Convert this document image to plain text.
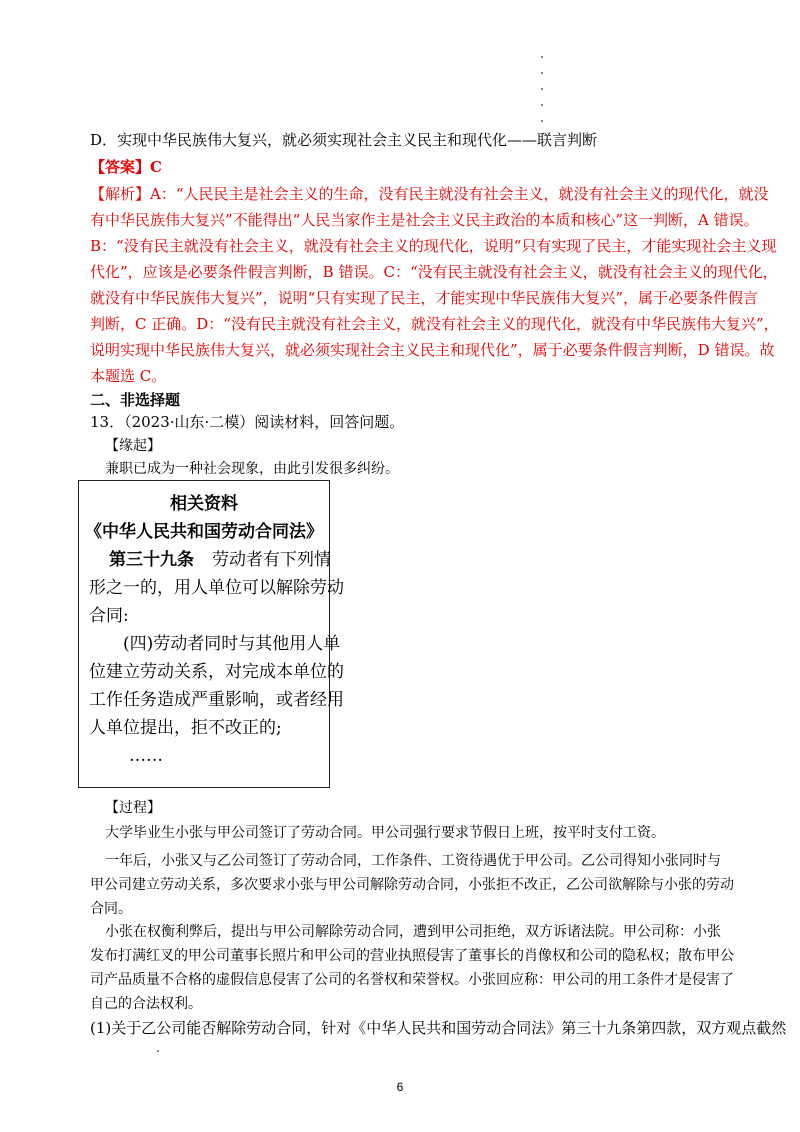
D．实现中华民族伟大复兴，就必须实现社会主义民主和现代化——联言判断
【答案】C
【解析】A：“人民民主是社会主义的生命，没有民主就没有社会主义，就没有社会主义的现代化，就没
有中华民族伟大复兴”不能得出“人民当家作主是社会主义民主政治的本质和核心”这一判断，A 错误。
B：“没有民主就没有社会主义，就没有社会主义的现代化，说明“只有实现了民主，才能实现社会主义现
代化”，应该是必要条件假言判断，B 错误。C：“没有民主就没有社会主义，就没有社会主义的现代化，
就没有中华民族伟大复兴”，说明“只有实现了民主，才能实现中华民族伟大复兴”，属于必要条件假言
判断，C 正确。D：“没有民主就没有社会主义，就没有社会主义的现代化，就没有中华民族伟大复兴”，
说明实现中华民族伟大复兴，就必须实现社会主义民主和现代化”，属于必要条件假言判断，D 错误。故
本题选 C。
二、非选择题
13．（2023·山东·二模）阅读材料，回答问题。
【缘起】
兼职已成为一种社会现象，由此引发很多纠纷。
相关资料
《中华人民共和国劳动合同法》
第三十九条 劳动者有下列情
形之一的，用人单位可以解除劳动
合同:
(四)劳动者同时与其他用人单
位建立劳动关系，对完成本单位的
工作任务造成严重影响，或者经用
人单位提出，拒不改正的;
……
【过程】
大学毕业生小张与甲公司签订了劳动合同。甲公司强行要求节假日上班，按平时支付工资。
一年后，小张又与乙公司签订了劳动合同，工作条件、工资待遇优于甲公司。乙公司得知小张同时与
甲公司建立劳动关系，多次要求小张与甲公司解除劳动合同，小张拒不改正，乙公司欲解除与小张的劳动
合同。
小张在权衡利弊后，提出与甲公司解除劳动合同，遭到甲公司拒绝，双方诉诸法院。甲公司称：小张
发布打满红叉的甲公司董事长照片和甲公司的营业执照侵害了董事长的肖像权和公司的隐私权；散布甲公
司产品质量不合格的虚假信息侵害了公司的名誉权和荣誉权。小张回应称：甲公司的用工条件才是侵害了
自己的合法权利。
(1)关于乙公司能否解除劳动合同，针对《中华人民共和国劳动合同法》第三十九条第四款，双方观点截然
6
